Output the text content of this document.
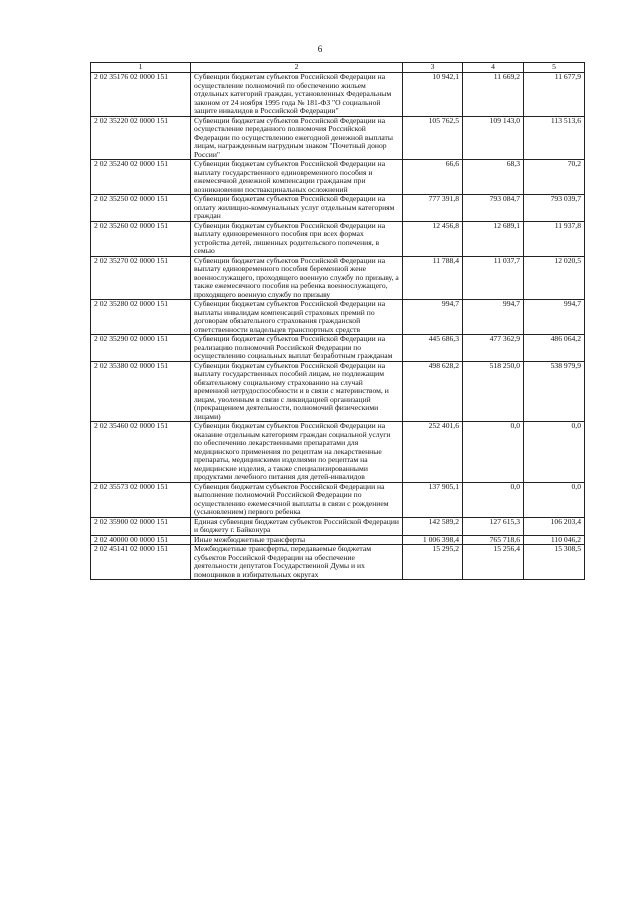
6
1	2	3	4	5
2 02 35176 02 0000 151	Субвенции бюджетам субъектов Российской Федерации на осуществление полномочий по обеспечению жильем отдельных категорий граждан, установленных Федеральным законом от 24 ноября 1995 года № 181-ФЗ "О социальной защите инвалидов в Российской Федерации"	10 942,1	11 669,2	11 677,9
2 02 35220 02 0000 151	Субвенции бюджетам субъектов Российской Федерации на осуществление переданного полномочия Российской Федерации по осуществлению ежегодной денежной выплаты лицам, награжденным нагрудным знаком "Почетный донор России"	105 762,5	109 143,0	113 513,6
2 02 35240 02 0000 151	Субвенции бюджетам субъектов Российской Федерации на выплату государственного единовременного пособия и ежемесячной денежной компенсации гражданам при возникновении поствакцинальных осложнений	66,6	68,3	70,2
2 02 35250 02 0000 151	Субвенции бюджетам субъектов Российской Федерации на оплату жилищно-коммунальных услуг отдельным категориям граждан	777 391,8	793 084,7	793 039,7
2 02 35260 02 0000 151	Субвенции бюджетам субъектов Российской Федерации на выплату единовременного пособия при всех формах устройства детей, лишенных родительского попечения, в семью	12 456,8	12 689,1	11 937,8
2 02 35270 02 0000 151	Субвенции бюджетам субъектов Российской Федерации на выплату единовременного пособия беременной жене военнослужащего, проходящего военную службу по призыву, а также ежемесячного пособия на ребенка военнослужащего, проходящего военную службу по призыву	11 788,4	11 037,7	12 020,5
2 02 35280 02 0000 151	Субвенции бюджетам субъектов Российской Федерации на выплаты инвалидам компенсаций страховых премий по договорам обязательного страхования гражданской ответственности владельцев транспортных средств	994,7	994,7	994,7
2 02 35290 02 0000 151	Субвенции бюджетам субъектов Российской Федерации на реализацию полномочий Российской Федерации по осуществлению социальных выплат безработным гражданам	445 686,3	477 362,9	486 064,2
2 02 35380 02 0000 151	Субвенции бюджетам субъектов Российской Федерации на выплату государственных пособий лицам, не подлежащим обязательному социальному страхованию на случай временной нетрудоспособности и в связи с материнством, и лицам, уволенным в связи с ликвидацией организаций (прекращением деятельности, полномочий физическими лицами)	498 628,2	518 250,0	538 979,9
2 02 35460 02 0000 151	Субвенции бюджетам субъектов Российской Федерации на оказание отдельным категориям граждан социальной услуги по обеспечению лекарственными препаратами для медицинского применения по рецептам на лекарственные препараты, медицинскими изделиями по рецептам на медицинские изделия, а также специализированными продуктами лечебного питания для детей-инвалидов	252 401,6	0,0	0,0
2 02 35573 02 0000 151	Субвенция бюджетам субъектов Российской Федерации на выполнение полномочий Российской Федерации по осуществлению ежемесячной выплаты в связи с рождением (усыновлением) первого ребенка	137 905,1	0,0	0,0
2 02 35900 02 0000 151	Единая субвенция бюджетам субъектов Российской Федерации и бюджету г. Байконура	142 589,2	127 615,3	106 203,4
2 02 40000 00 0000 151	Иные межбюджетные трансферты	1 006 398,4	765 718,6	110 046,2
2 02 45141 02 0000 151	Межбюджетные трансферты, передаваемые бюджетам субъектов Российской Федерации на обеспечение деятельности депутатов Государственной Думы и их помощников в избирательных округах	15 295,2	15 256,4	15 308,5
